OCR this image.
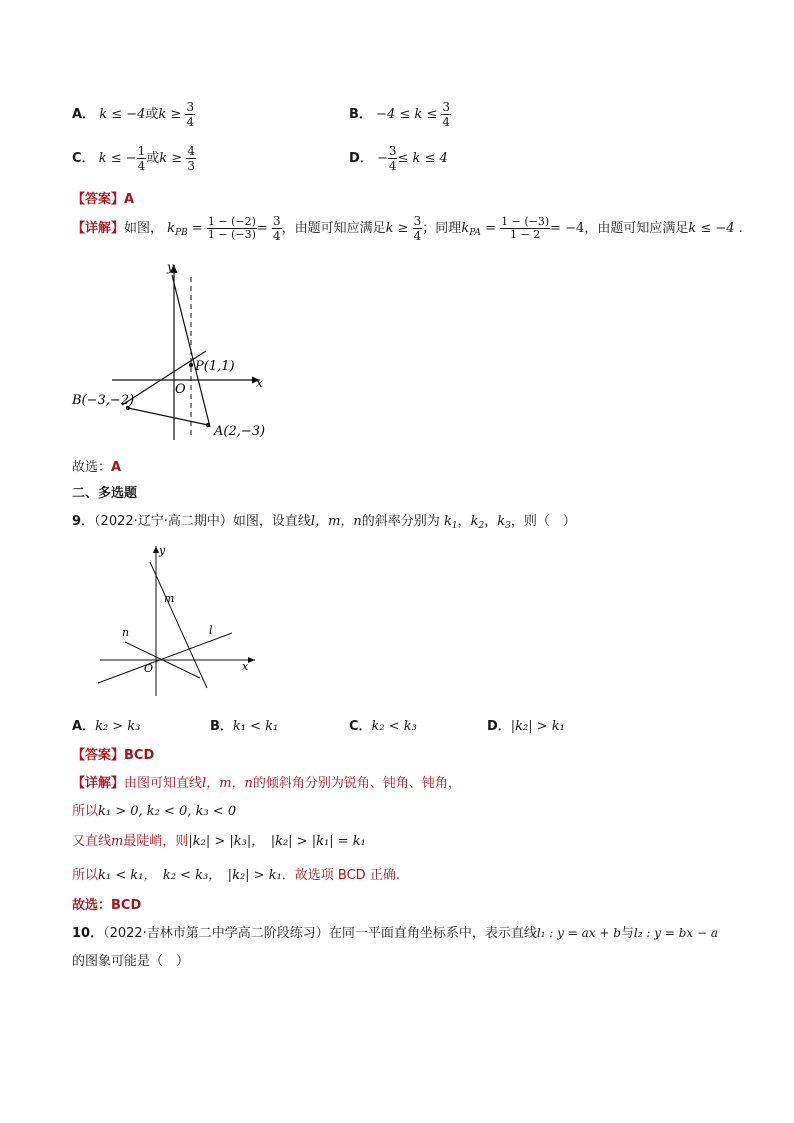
A． k ≤ −4或$k \ge \frac{3}{4}$	B． $-4 \le k \le \frac{3}{4}$
C． k ≤ − $\frac{1}{4}$ 或$k \ge \frac{4}{3}$	D． − $\frac{3}{4} \le k \le 4$
【答案】A
【详解】如图， $k_{PB} = \frac{1 - (-2)}{1 - (-3)} = \frac{3}{4}$ ，由题可知应满足$k \ge \frac{3}{4}$ ；同理$k_{PA} = \frac{1 - (-3)}{1 - 2} = -4$，由题可知应满足k ≤ −4 .
y
x
O
P(1,1)
B(−3,−2)
A(2,−3)
故选：A
二、多选题
9．（2022·辽宁·高二期中）如图，设直线l，m，n的斜率分别为 $k_1$，$k_2$，$k_3$，则（　）
y
x
O
m
n	l
A．k₂ > k₃	B．k₁ < k₁	C．k₂ < k₃	D．|k₂| > k₁
【答案】BCD
【详解】由图可知直线l，m，n的倾斜角分别为锐角、钝角、钝角，
所以k₁ > 0, k₂ < 0, k₃ < 0
又直线m最陡峭，则|k₂| > |k₃|，　|k₂| > |k₁| = k₁
所以k₁ < k₁，　k₂ < k₃，　|k₂| > k₁．故选项 BCD 正确.
故选：BCD
10．（2022·吉林市第二中学高二阶段练习）在同一平面直角坐标系中，表示直线l₁ : y = ax + b与l₂ : y = bx − a
的图象可能是（　）
